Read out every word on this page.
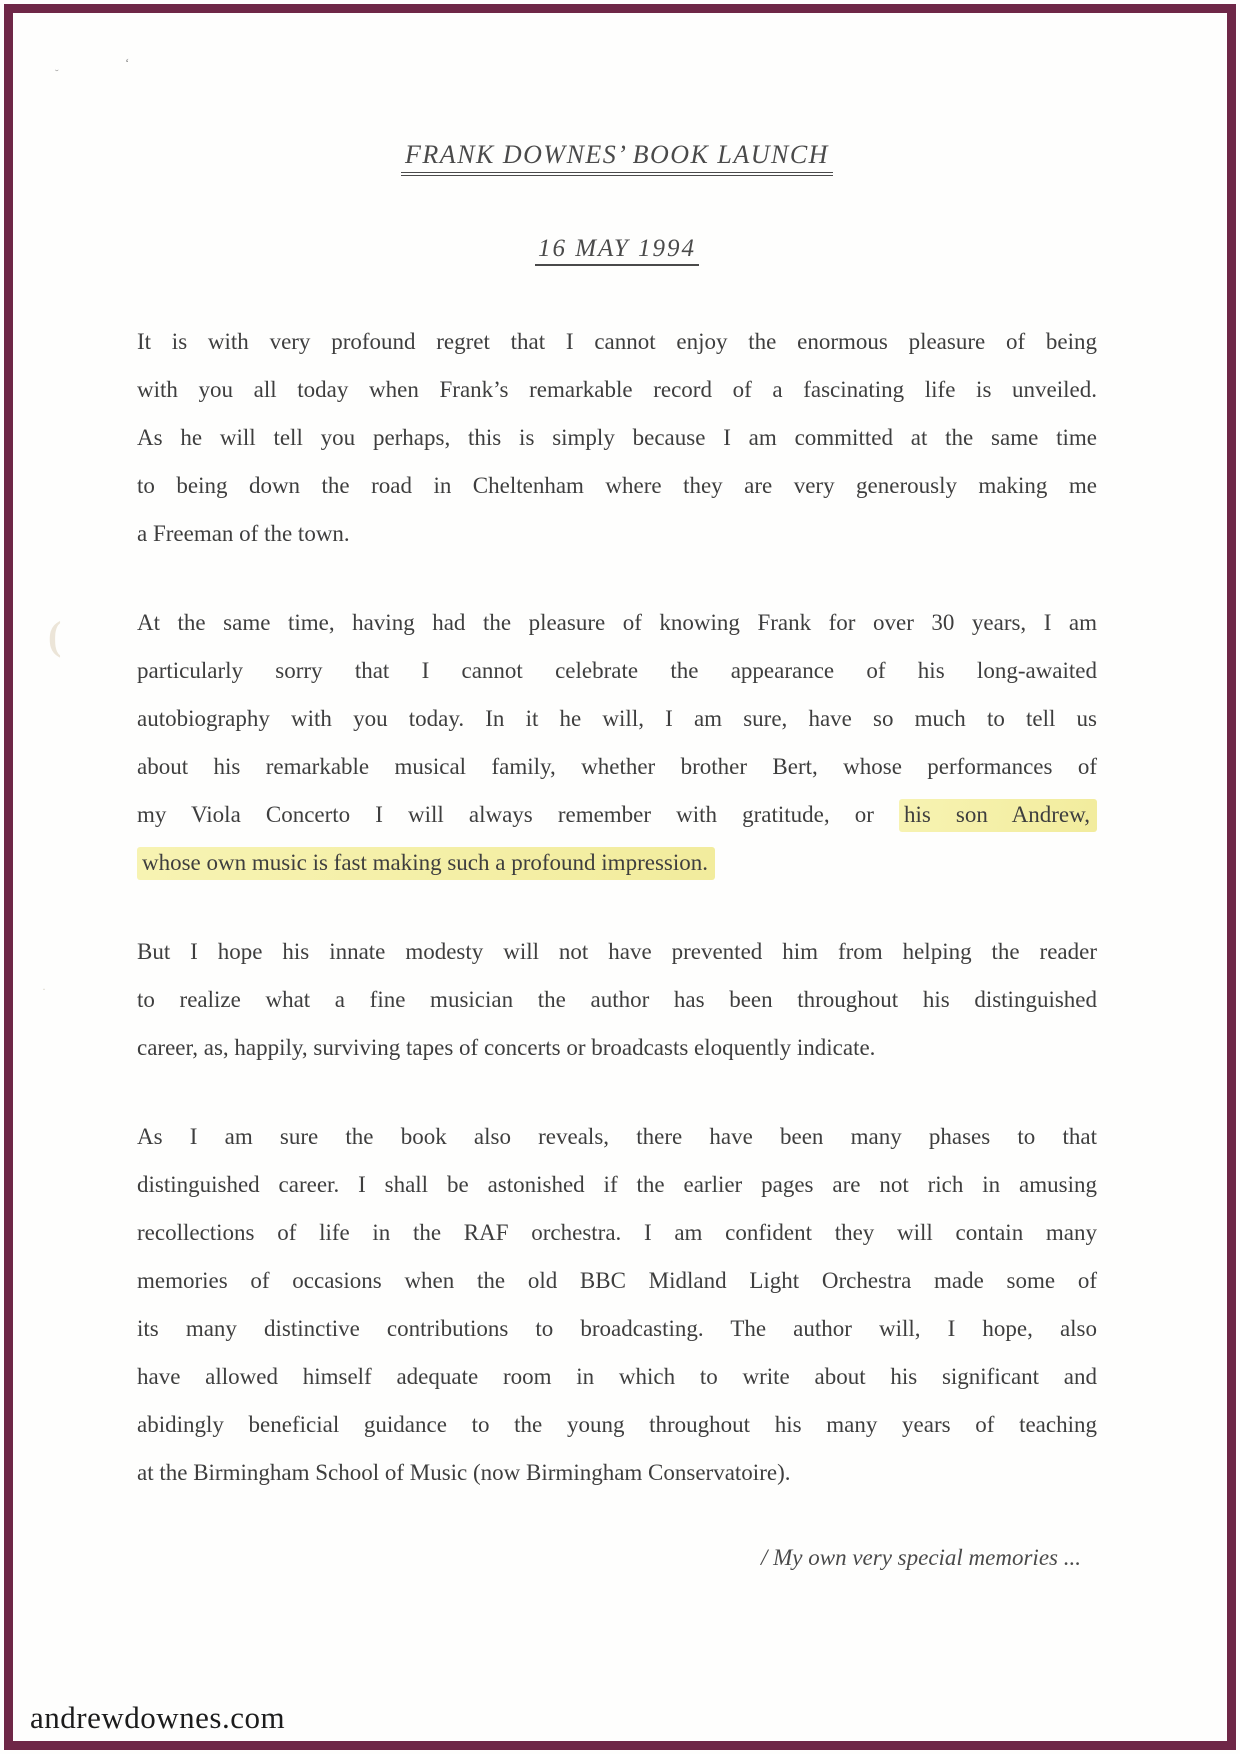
FRANK DOWNES’ BOOK LAUNCH
16 MAY 1994
It is with very profound regret that I cannot enjoy the enormous pleasure of being
with you all today when Frank’s remarkable record of a fascinating life is unveiled.
As he will tell you perhaps, this is simply because I am committed at the same time
to being down the road in Cheltenham where they are very generously making me
a Freeman of the town.
At the same time, having had the pleasure of knowing Frank for over 30 years, I am
particularly sorry that I cannot celebrate the appearance of his long-awaited
autobiography with you today. In it he will, I am sure, have so much to tell us
about his remarkable musical family, whether brother Bert, whose performances of
my Viola Concerto I will always remember with gratitude, or his son Andrew,
whose own music is fast making such a profound impression.
But I hope his innate modesty will not have prevented him from helping the reader
to realize what a fine musician the author has been throughout his distinguished
career, as, happily, surviving tapes of concerts or broadcasts eloquently indicate.
As I am sure the book also reveals, there have been many phases to that
distinguished career. I shall be astonished if the earlier pages are not rich in amusing
recollections of life in the RAF orchestra. I am confident they will contain many
memories of occasions when the old BBC Midland Light Orchestra made some of
its many distinctive contributions to broadcasting. The author will, I hope, also
have allowed himself adequate room in which to write about his significant and
abidingly beneficial guidance to the young throughout his many years of teaching
at the Birmingham School of Music (now Birmingham Conservatoire).
/ My own very special memories ...
andrewdownes.com
ʻ
˘
(
·
